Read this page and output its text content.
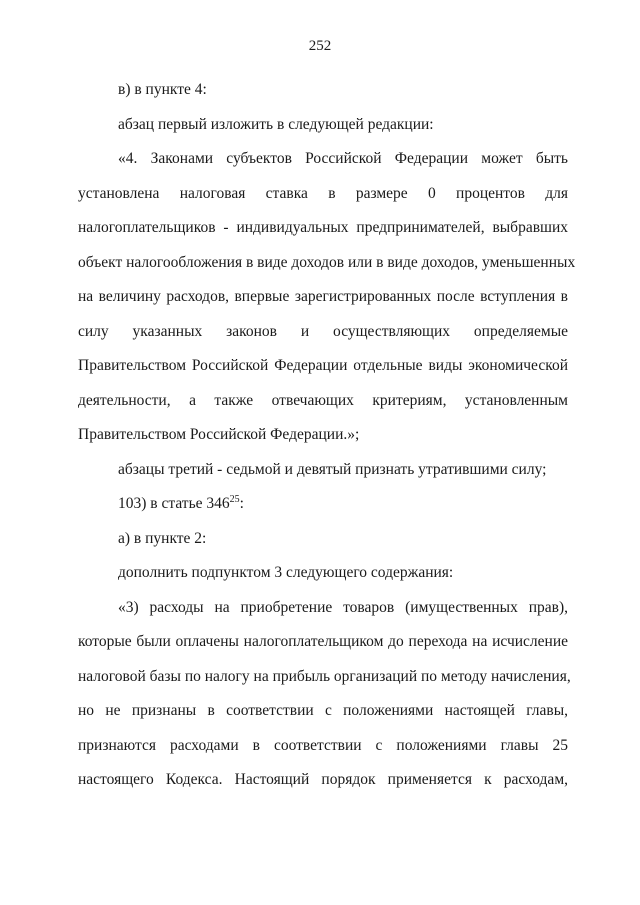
252
в) в пункте 4:
абзац первый изложить в следующей редакции:
«4. Законами субъектов Российской Федерации может быть
установлена налоговая ставка в размере 0 процентов для
налогоплательщиков - индивидуальных предпринимателей, выбравших
объект налогообложения в виде доходов или в виде доходов, уменьшенных
на величину расходов, впервые зарегистрированных после вступления в
силу указанных законов и осуществляющих определяемые
Правительством Российской Федерации отдельные виды экономической
деятельности, а также отвечающих критериям, установленным
Правительством Российской Федерации.»;
абзацы третий - седьмой и девятый признать утратившими силу;
103) в статье $346^{25}$:
а) в пункте 2:
дополнить подпунктом 3 следующего содержания:
«3) расходы на приобретение товаров (имущественных прав),
которые были оплачены налогоплательщиком до перехода на исчисление
налоговой базы по налогу на прибыль организаций по методу начисления,
но не признаны в соответствии с положениями настоящей главы,
признаются расходами в соответствии с положениями главы 25
настоящего Кодекса. Настоящий порядок применяется к расходам,
